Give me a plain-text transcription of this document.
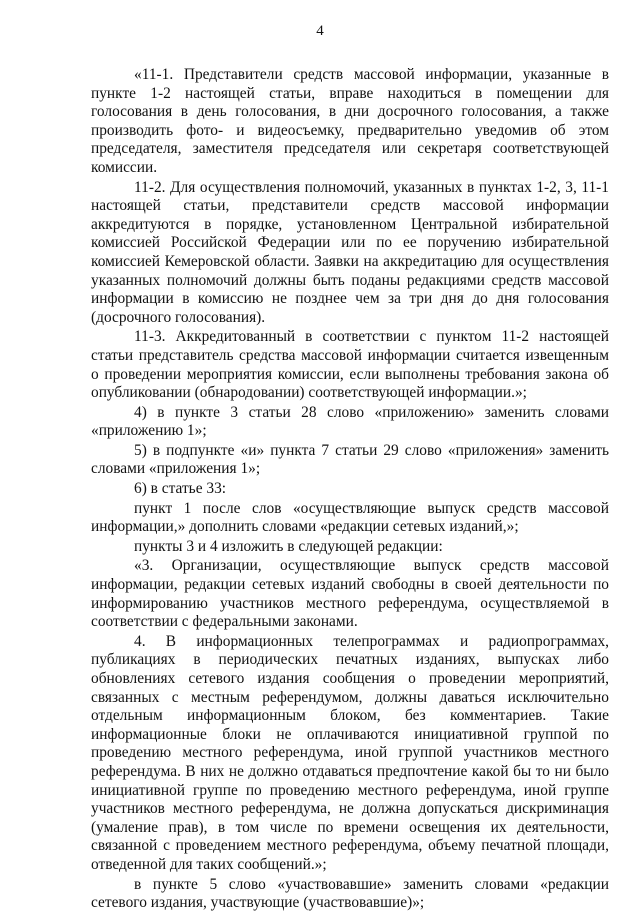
4

«11-1. Представители средств массовой информации, указанные в пункте 1-2 настоящей статьи, вправе находиться в помещении для голосования в день голосования, в дни досрочного голосования, а также производить фото- и видеосъемку, предварительно уведомив об этом председателя, заместителя председателя или секретаря соответствующей комиссии.

11-2. Для осуществления полномочий, указанных в пунктах 1-2, 3, 11-1 настоящей статьи, представители средств массовой информации аккредитуются в порядке, установленном Центральной избирательной комиссией Российской Федерации или по ее поручению избирательной комиссией Кемеровской области. Заявки на аккредитацию для осуществления указанных полномочий должны быть поданы редакциями средств массовой информации в комиссию не позднее чем за три дня до дня голосования (досрочного голосования).

11-3. Аккредитованный в соответствии с пунктом 11-2 настоящей статьи представитель средства массовой информации считается извещенным о проведении мероприятия комиссии, если выполнены требования закона об опубликовании (обнародовании) соответствующей информации.»;

4) в пункте 3 статьи 28 слово «приложению» заменить словами «приложению 1»;

5) в подпункте «и» пункта 7 статьи 29 слово «приложения» заменить словами «приложения 1»;

6) в статье 33:

пункт 1 после слов «осуществляющие выпуск средств массовой информации,» дополнить словами «редакции сетевых изданий,»;

пункты 3 и 4 изложить в следующей редакции:

«3. Организации, осуществляющие выпуск средств массовой информации, редакции сетевых изданий свободны в своей деятельности по информированию участников местного референдума, осуществляемой в соответствии с федеральными законами.

4. В информационных телепрограммах и радиопрограммах, публикациях в периодических печатных изданиях, выпусках либо обновлениях сетевого издания сообщения о проведении мероприятий, связанных с местным референдумом, должны даваться исключительно отдельным информационным блоком, без комментариев. Такие информационные блоки не оплачиваются инициативной группой по проведению местного референдума, иной группой участников местного референдума. В них не должно отдаваться предпочтение какой бы то ни было инициативной группе по проведению местного референдума, иной группе участников местного референдума, не должна допускаться дискриминация (умаление прав), в том числе по времени освещения их деятельности, связанной с проведением местного референдума, объему печатной площади, отведенной для таких сообщений.»;

в пункте 5 слово «участвовавшие» заменить словами «редакции сетевого издания, участвующие (участвовавшие)»;
